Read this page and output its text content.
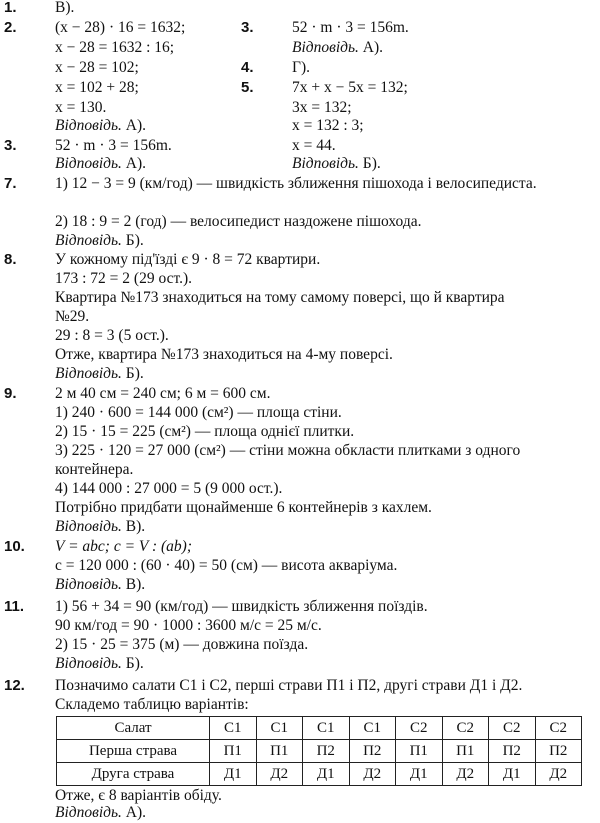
1.	В).
2.	(x − 28) · 16 = 1632;
x − 28 = 1632 : 16;
x − 28 = 102;
x = 102 + 28;
x = 130.
Відповідь. А).
3.	52 · m · 3 = 156m.
Відповідь. А).
3.	52 · m · 3 = 156m.
Відповідь. А).
4.	Г).
5.	7x + x − 5x = 132;
3x = 132;
x = 132 : 3;
x = 44.
Відповідь. Б).
7.	1) 12 − 3 = 9 (км/год) — швидкість зближення пішохода і велосипедиста.
2) 18 : 9 = 2 (год) — велосипедист наздожене пішохода.
Відповідь. Б).
8.	У кожному під'їзді є 9 · 8 = 72 квартири.
173 : 72 = 2 (29 ост.).
Квартира №173 знаходиться на тому самому поверсі, що й квартира
№29.
29 : 8 = 3 (5 ост.).
Отже, квартира №173 знаходиться на 4-му поверсі.
Відповідь. Б).
9.	2 м 40 см = 240 см; 6 м = 600 см.
1) 240 · 600 = 144 000 (см²) — площа стіни.
2) 15 · 15 = 225 (см²) — площа однієї плитки.
3) 225 · 120 = 27 000 (см²) — стіни можна обкласти плитками з одного
контейнера.
4) 144 000 : 27 000 = 5 (9 000 ост.).
Потрібно придбати щонайменше 6 контейнерів з кахлем.
Відповідь. В).
10.	V = abc; c = V : (ab);
c = 120 000 : (60 · 40) = 50 (см) — висота акваріума.
Відповідь. В).
11.	1) 56 + 34 = 90 (км/год) — швидкість зближення поїздів.
90 км/год = 90 · 1000 : 3600 м/с = 25 м/с.
2) 15 · 25 = 375 (м) — довжина поїзда.
Відповідь. Б).
12.	Позначимо салати С1 і С2, перші страви П1 і П2, другі страви Д1 і Д2.
Складемо таблицю варіантів:
Салат	С1	С1	С1	С1	С2	С2	С2	С2
Перша страва	П1	П1	П2	П2	П1	П1	П2	П2
Друга страва	Д1	Д2	Д1	Д2	Д1	Д2	Д1	Д2
Отже, є 8 варіантів обіду.
Відповідь. А).
